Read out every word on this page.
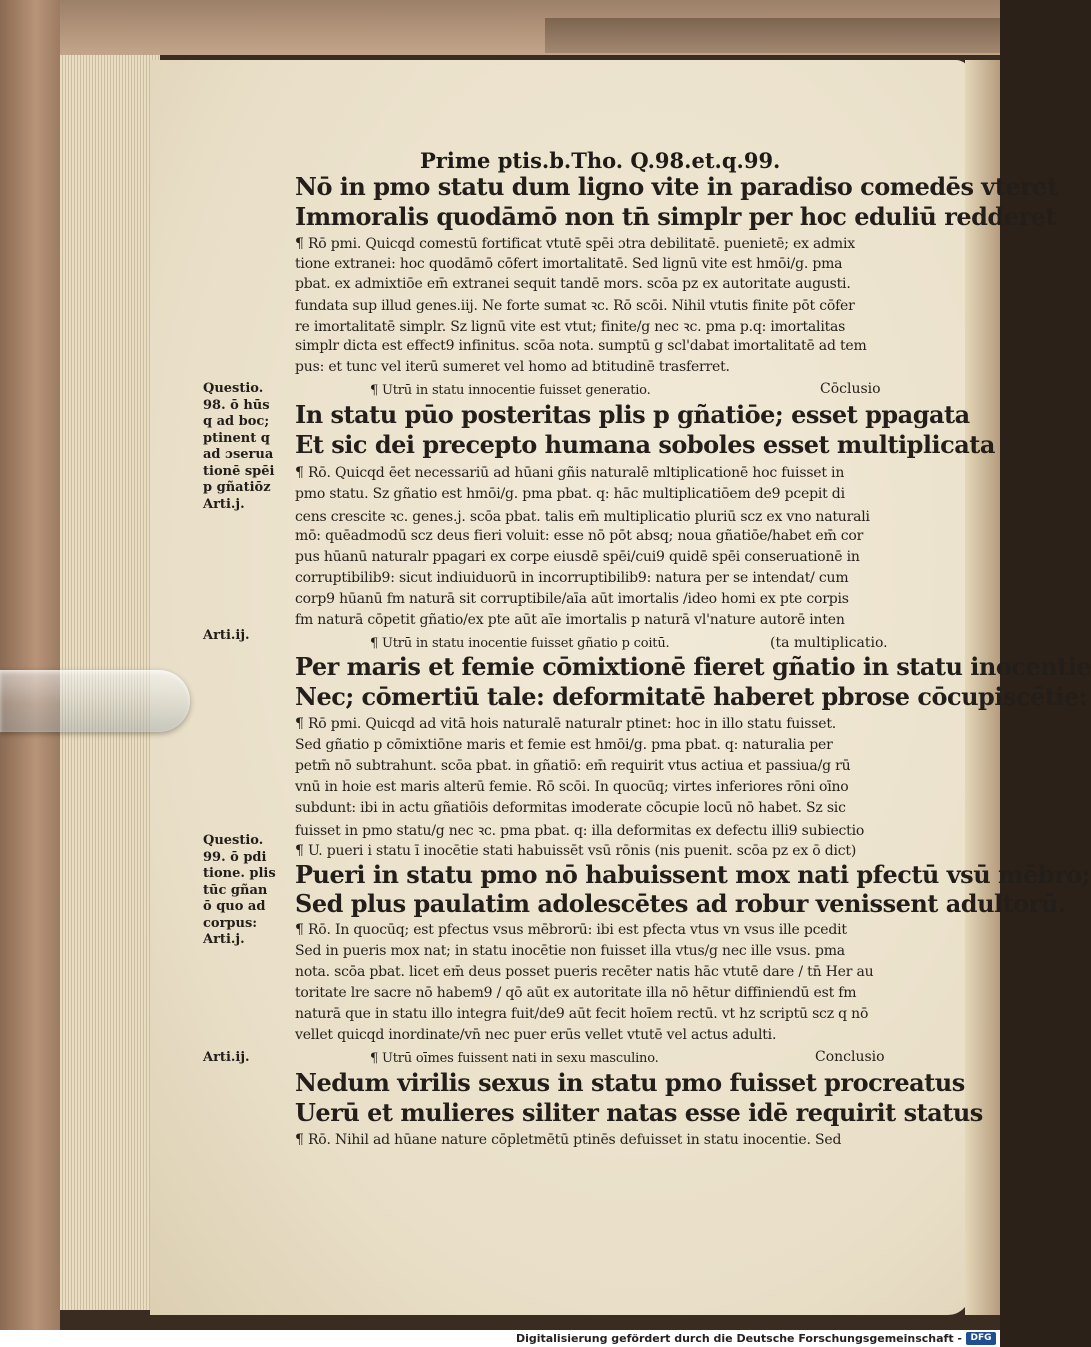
Prime ptis.b.Tho. Q.98.et.q.99.
Nō in pmo statu dum ligno vite in paradiso comedēs vteret
Immoralis quodāmō non tn̄ simplr per hoc eduliū redderet
¶ Rō pmi. Quicqd comestū fortificat vtutē spēi ɔtra debilitatē. puenietē; ex admix
tione extranei: hoc quodāmō cōfert imortalitatē. Sed lignū vite est hmōi/g. pma
pbat. ex admixtiōe em̄ extranei sequit tandē mors. scōa pz ex autoritate augusti.
fundata sup illud genes.iij. Ne forte sumat ꝛc. Rō scōi. Nihil vtutis finite pōt cōfer
re imortalitatē simplr. Sz lignū vite est vtut; finite/g nec ꝛc. pma p.q: imortalitas
simplr dicta est effect9 infinitus. scōa nota. sumptū g scl'dabat imortalitatē ad tem
pus: et tunc vel iterū sumeret vel homo ad btitudinē trasferret.
¶ Utrū in statu innocentie fuisset generatio.	Cōclusio
In statu pūo posteritas plis p gñatiōe; esset ppagata
Et sic dei precepto humana soboles esset multiplicata
¶ Rō. Quicqd ēet necessariū ad hūani gñis naturalē mltiplicationē hoc fuisset in
pmo statu. Sz gñatio est hmōi/g. pma pbat. q: hāc multiplicatiōem de9 pcepit di
cens crescite ꝛc. genes.j. scōa pbat. talis em̄ multiplicatio pluriū scz ex vno naturali
mō: quēadmodū scz deus fieri voluit: esse nō pōt absq; noua gñatiōe/habet em̄ cor
pus hūanū naturalr ppagari ex corpe eiusdē spēi/cui9 quidē spēi conseruationē in
corruptibilib9: sicut indiuiduorū in incorruptibilib9: natura per se intendat/ cum
corp9 hūanū fm naturā sit corruptibile/aīa aūt imortalis /ideo homi ex pte corpis
fm naturā cōpetit gñatio/ex pte aūt aīe imortalis p naturā vl'nature autorē inten
¶ Utrū in statu inocentie fuisset gñatio p coitū.	(ta multiplicatio.
Per maris et femie cōmixtionē fieret gñatio in statu inocentie
Nec; cōmertiū tale: deformitatē haberet pbrose cōcupiscētie:
¶ Rō pmi. Quicqd ad vitā hois naturalē naturalr ptinet: hoc in illo statu fuisset.
Sed gñatio p cōmixtiōne maris et femie est hmōi/g. pma pbat. q: naturalia per
petm̄ nō subtrahunt. scōa pbat. in gñatiō: em̄ requirit vtus actiua et passiua/g rū
vnū in hoie est maris alterū femie. Rō scōi. In quocūq; virtes inferiores rōni oīno
subdunt: ibi in actu gñatiōis deformitas imoderate cōcupie locū nō habet. Sz sic
fuisset in pmo statu/g nec ꝛc. pma pbat. q: illa deformitas ex defectu illi9 subiectio
¶ U. pueri i statu ī inocētie stati habuissēt vsū rōnis (nis puenit. scōa pz ex ō dict)
Pueri in statu pmo nō habuissent mox nati pfectū vsū mēbro;
Sed plus paulatim adolescētes ad robur venissent adultorū.
¶ Rō. In quocūq; est pfectus vsus mēbrorū: ibi est pfecta vtus vn vsus ille pcedit
Sed in pueris mox nat; in statu inocētie non fuisset illa vtus/g nec ille vsus. pma
nota. scōa pbat. licet em̄ deus posset pueris recēter natis hāc vtutē dare / tn̄ Her au
toritate lre sacre nō habem9 / qō aūt ex autoritate illa nō hētur diffiniendū est fm
naturā que in statu illo integra fuit/de9 aūt fecit hoīem rectū. vt hz scriptū scz q nō
vellet quicqd inordinate/vn̄ nec puer erūs vellet vtutē vel actus adulti.
¶ Utrū oīmes fuissent nati in sexu masculino.	Conclusio
Nedum virilis sexus in statu pmo fuisset procreatus
Uerū et mulieres siliter natas esse idē requirit status
¶ Rō. Nihil ad hūane nature cōpletmētū ptinēs defuisset in statu inocentie. Sed
Questio.
98. ō hūs
q ad boc;
ptinent q
ad ɔserua
tionē spēi
p gñatiōz
Arti.j.
Arti.ij.
Questio.
99. ō pdi
tione. plis
tūc gñan
ō quo ad
corpus:
Arti.j.
Arti.ij.
Digitalisierung gefördert durch die Deutsche Forschungsgemeinschaft - DFG
